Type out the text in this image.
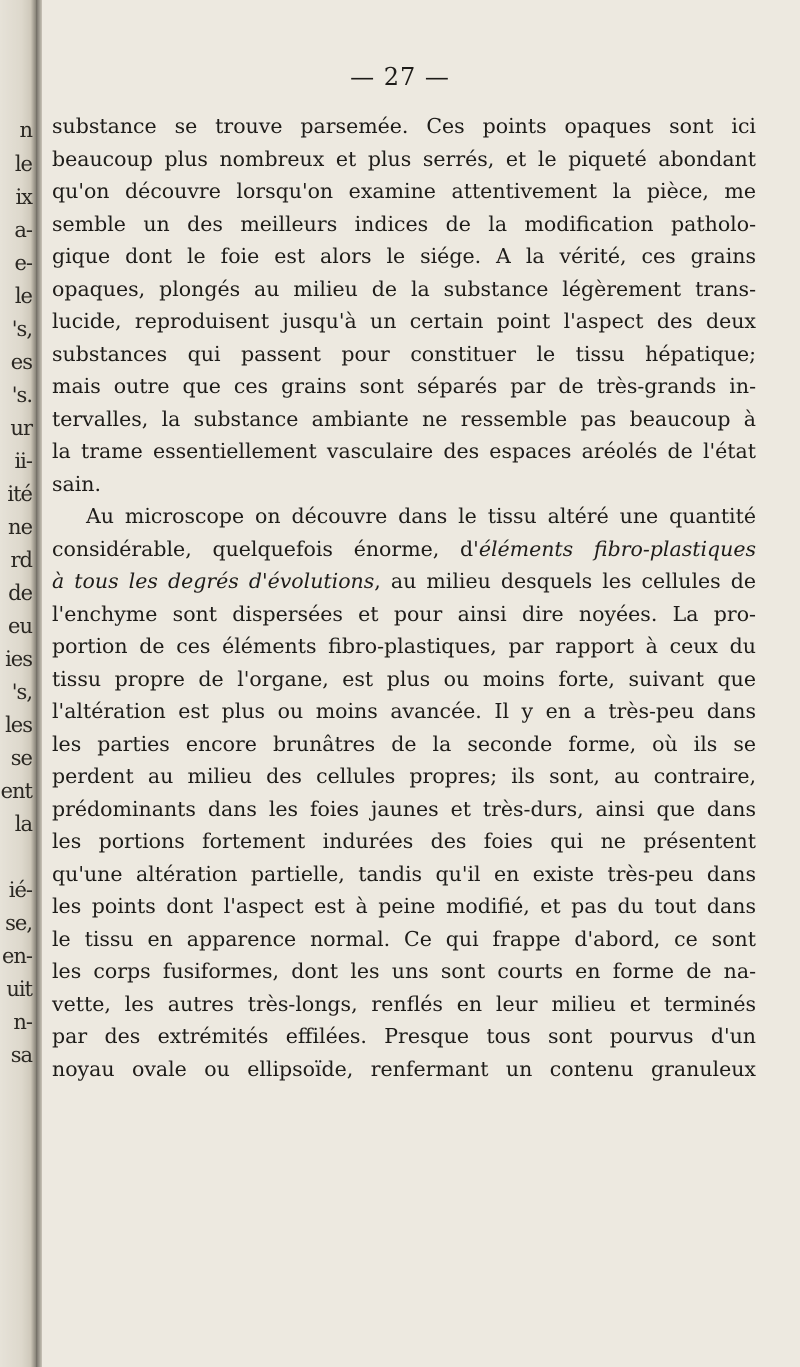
n
le
ix
a-
e-
le
's,
es
's.
ur
ii-
ité
ne
rd
de
eu
ies
's,
les
se
ent
la
ié-
se,
en-
uit
n-
sa
— 27 —
substance se trouve parsemée. Ces points opaques sont ici
beaucoup plus nombreux et plus serrés, et le piqueté abondant
qu'on découvre lorsqu'on examine attentivement la pièce, me
semble un des meilleurs indices de la modification patholo-
gique dont le foie est alors le siége. A la vérité, ces grains
opaques, plongés au milieu de la substance légèrement trans-
lucide, reproduisent jusqu'à un certain point l'aspect des deux
substances qui passent pour constituer le tissu hépatique;
mais outre que ces grains sont séparés par de très-grands in-
tervalles, la substance ambiante ne ressemble pas beaucoup à
la trame essentiellement vasculaire des espaces aréolés de l'état
sain.
Au microscope on découvre dans le tissu altéré une quantité
considérable, quelquefois énorme, d'éléments fibro-plastiques
à tous les degrés d'évolutions, au milieu desquels les cellules de
l'enchyme sont dispersées et pour ainsi dire noyées. La pro-
portion de ces éléments fibro-plastiques, par rapport à ceux du
tissu propre de l'organe, est plus ou moins forte, suivant que
l'altération est plus ou moins avancée. Il y en a très-peu dans
les parties encore brunâtres de la seconde forme, où ils se
perdent au milieu des cellules propres; ils sont, au contraire,
prédominants dans les foies jaunes et très-durs, ainsi que dans
les portions fortement indurées des foies qui ne présentent
qu'une altération partielle, tandis qu'il en existe très-peu dans
les points dont l'aspect est à peine modifié, et pas du tout dans
le tissu en apparence normal. Ce qui frappe d'abord, ce sont
les corps fusiformes, dont les uns sont courts en forme de na-
vette, les autres très-longs, renflés en leur milieu et terminés
par des extrémités effilées. Presque tous sont pourvus d'un
noyau ovale ou ellipsoïde, renfermant un contenu granuleux
